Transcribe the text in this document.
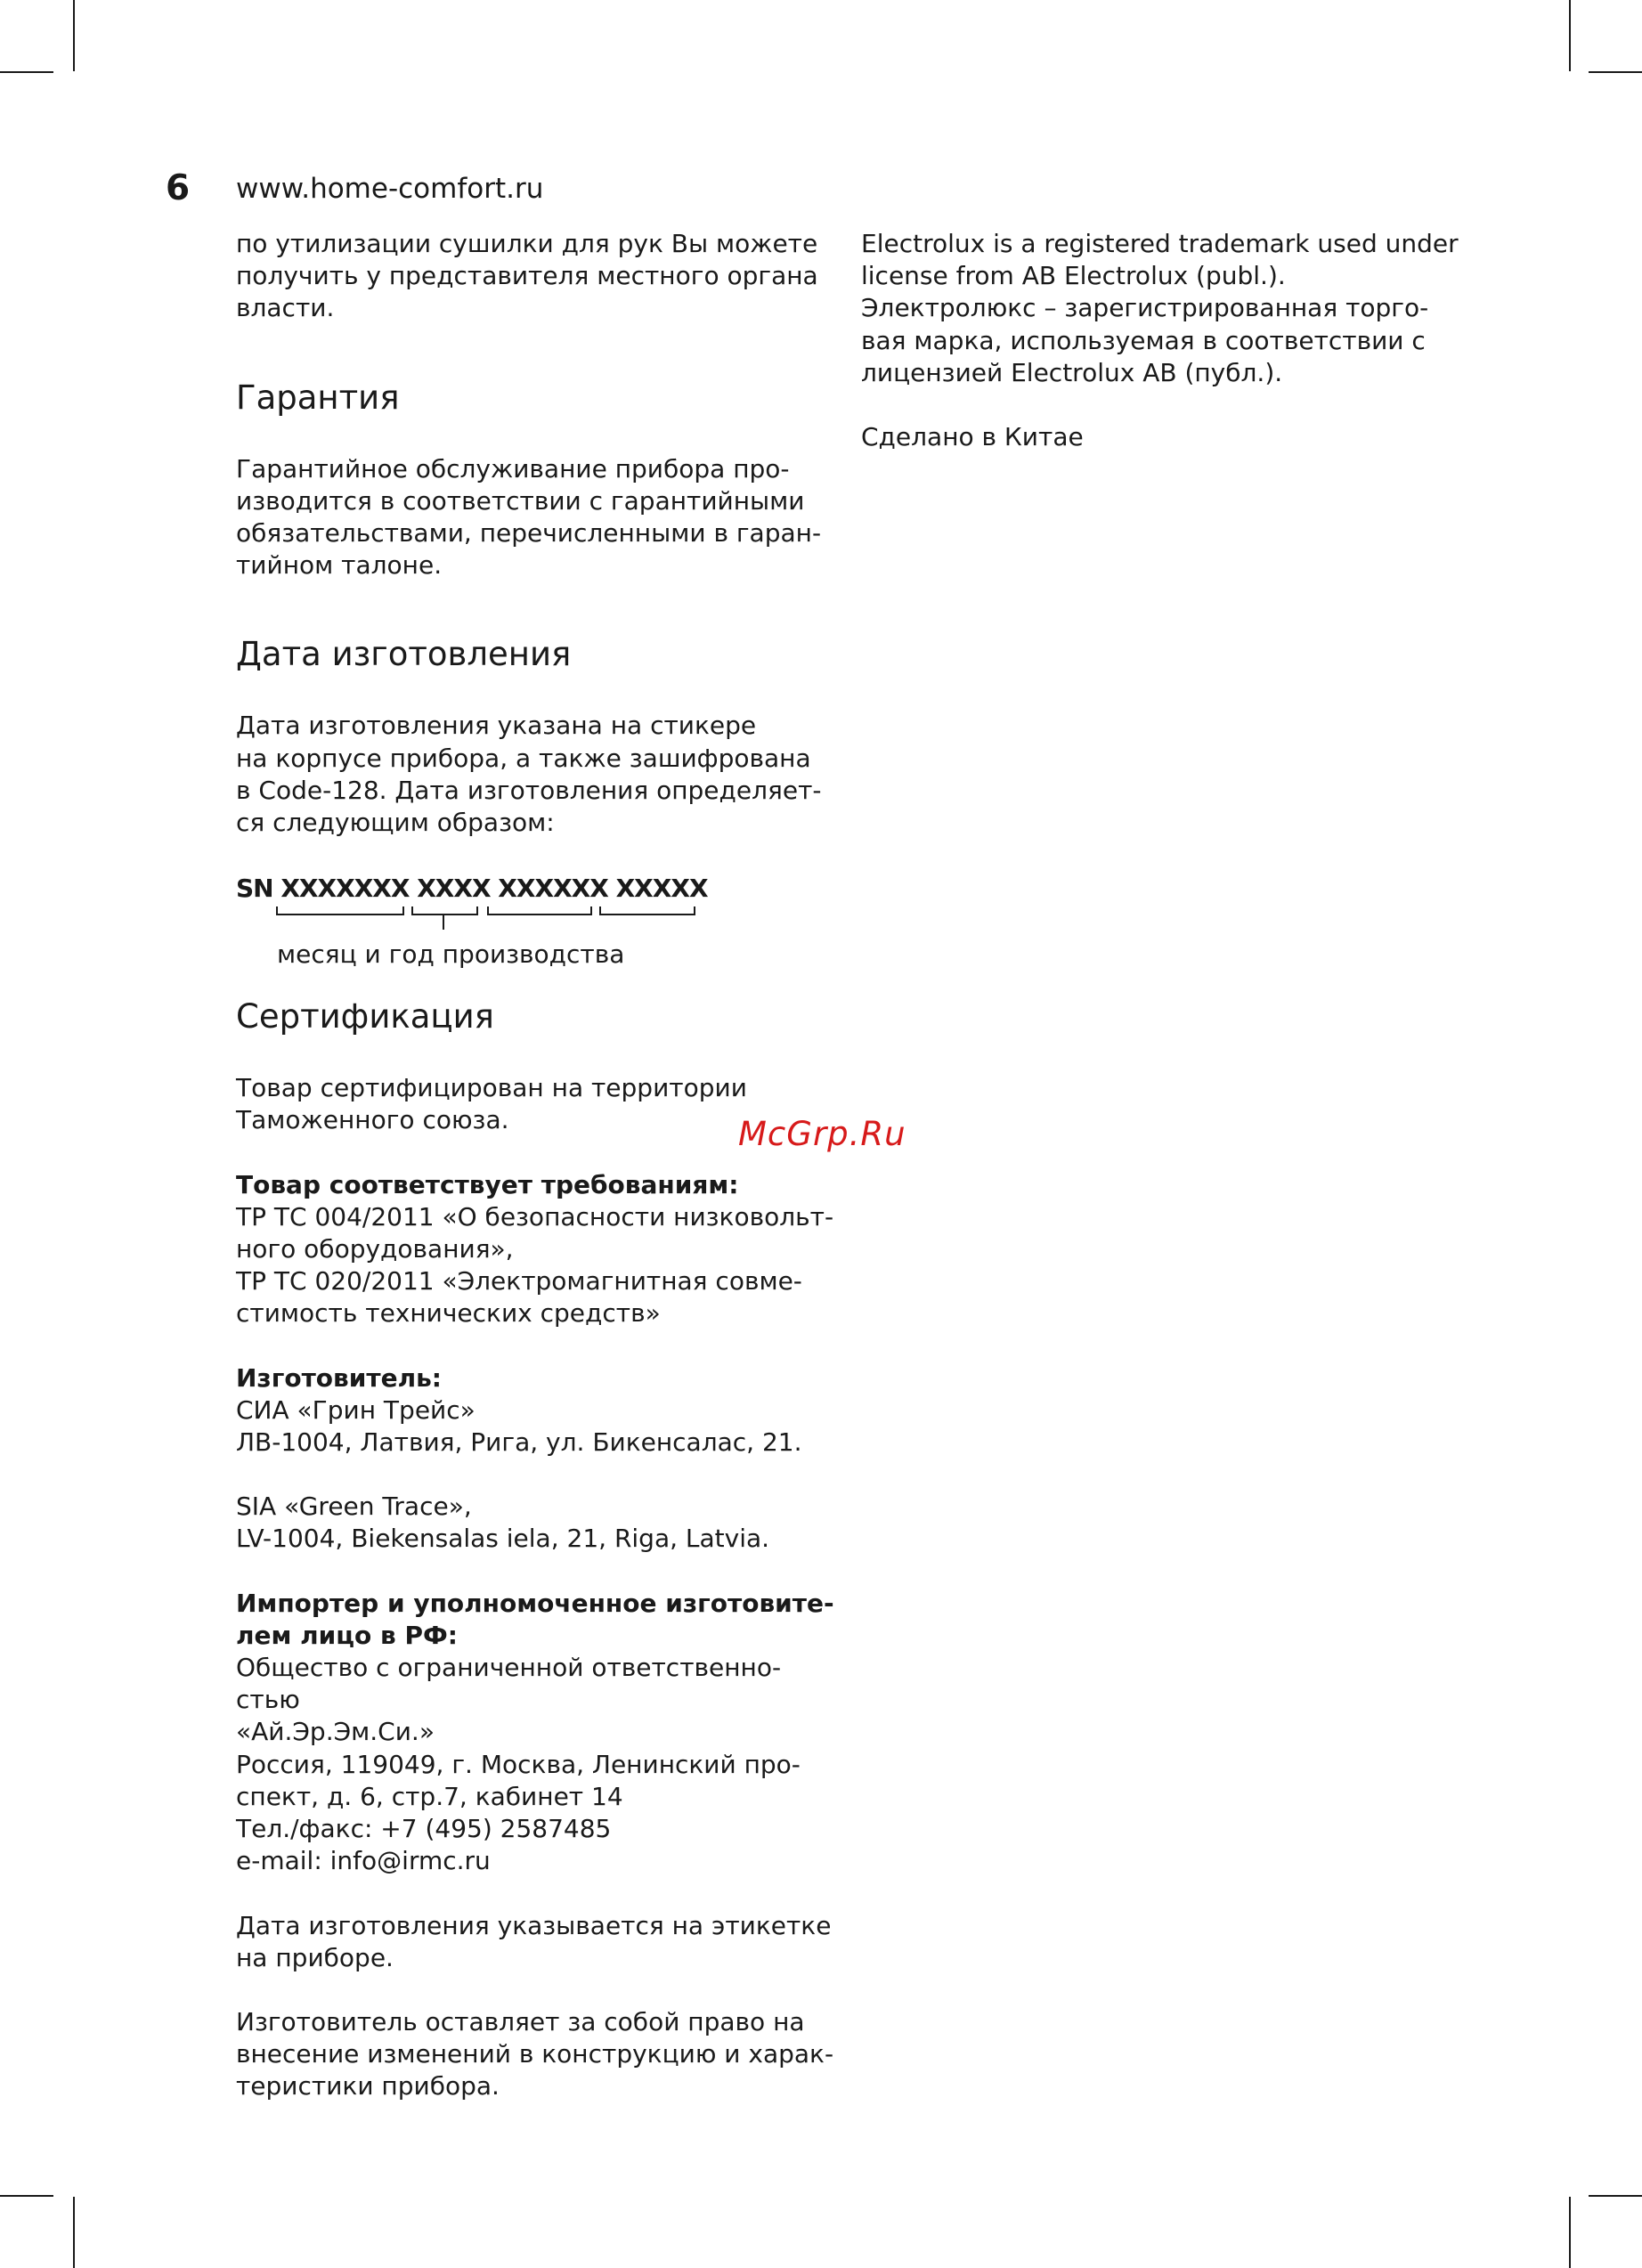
6 www.home-comfort.ru
по утилизации сушилки для рук Вы можете
получить у представителя местного органа
власти.
Гарантия
Гарантийное обслуживание прибора про-
изводится в соответствии с гарантийными
обязательствами, перечисленными в гаран-
тийном талоне.
Дата изготовления
Дата изготовления указана на стикере
на корпусе прибора, а также зашифрована
в Code-128. Дата изготовления определяет-
ся следующим образом:
SN XXXXXXX XXXX XXXXXX XXXXX
месяц и год производства
Сертификация
Товар сертифицирован на территории
Таможенного союза.
Товар соответствует требованиям:
ТР ТС 004/2011 «О безопасности низковольт-
ного оборудования»,
ТР ТС 020/2011 «Электромагнитная совме-
стимость технических средств»
Изготовитель:
СИА «Грин Трейс»
ЛВ-1004, Латвия, Рига, ул. Бикенсалас, 21.
SIA «Green Trace»,
LV-1004, Biekensalas iela, 21, Riga, Latvia.
Импортер и уполномоченное изготовите-
лем лицо в РФ:
Общество с ограниченной ответственно-
стью
«Ай.Эр.Эм.Си.»
Россия, 119049, г. Москва, Ленинский про-
спект, д. 6, стр.7, кабинет 14
Тел./факс: +7 (495) 2587485
e-mail: info@irmc.ru
Дата изготовления указывается на этикетке
на приборе.
Изготовитель оставляет за собой право на
внесение изменений в конструкцию и харак-
теристики прибора.
Electrolux is a registered trademark used under
license from AB Electrolux (publ.).
Электролюкс – зарегистрированная торго-
вая марка, используемая в соответствии с
лицензией Electrolux AB (публ.).
Сделано в Китае
McGrp.Ru
